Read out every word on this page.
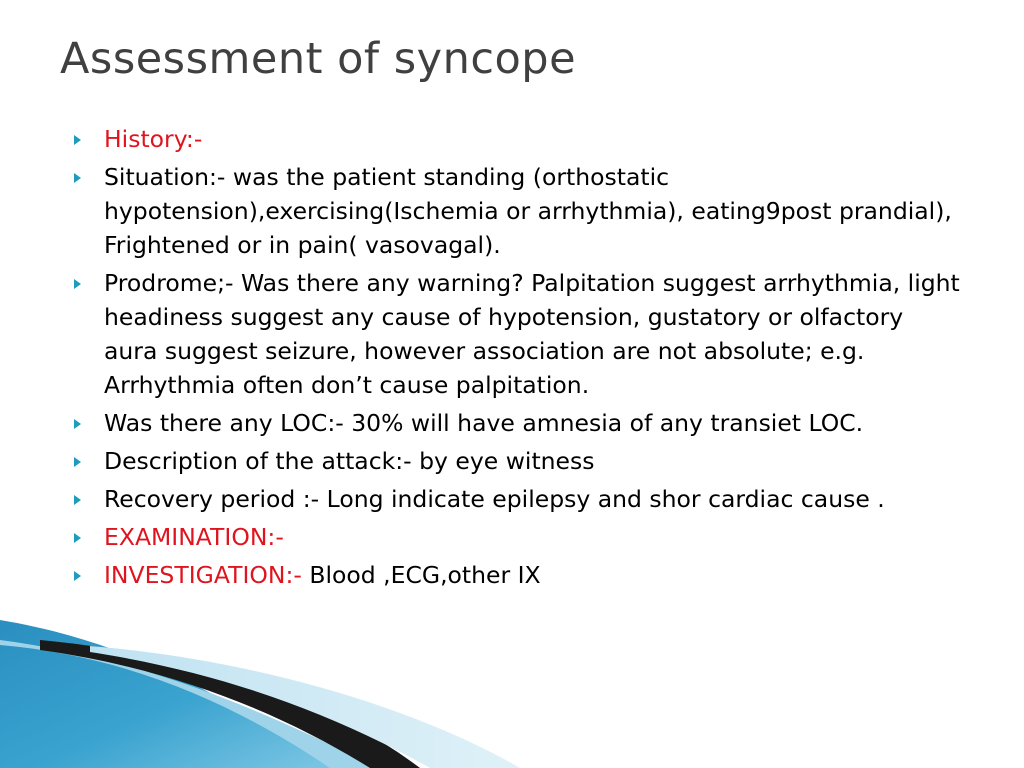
Assessment of syncope
History:-
Situation:- was the patient standing (orthostatic hypotension),exercising(Ischemia or arrhythmia), eating9post prandial), Frightened or in pain( vasovagal).
Prodrome;- Was there any warning? Palpitation suggest arrhythmia, light headiness suggest any cause of hypotension, gustatory or olfactory aura suggest seizure, however association are not absolute; e.g. Arrhythmia often don’t cause palpitation.
Was there any LOC:- 30% will have amnesia of any transiet LOC.
Description of the attack:- by eye witness
Recovery period :- Long indicate epilepsy and shor cardiac cause .
EXAMINATION:-
INVESTIGATION:- Blood ,ECG,other IX
